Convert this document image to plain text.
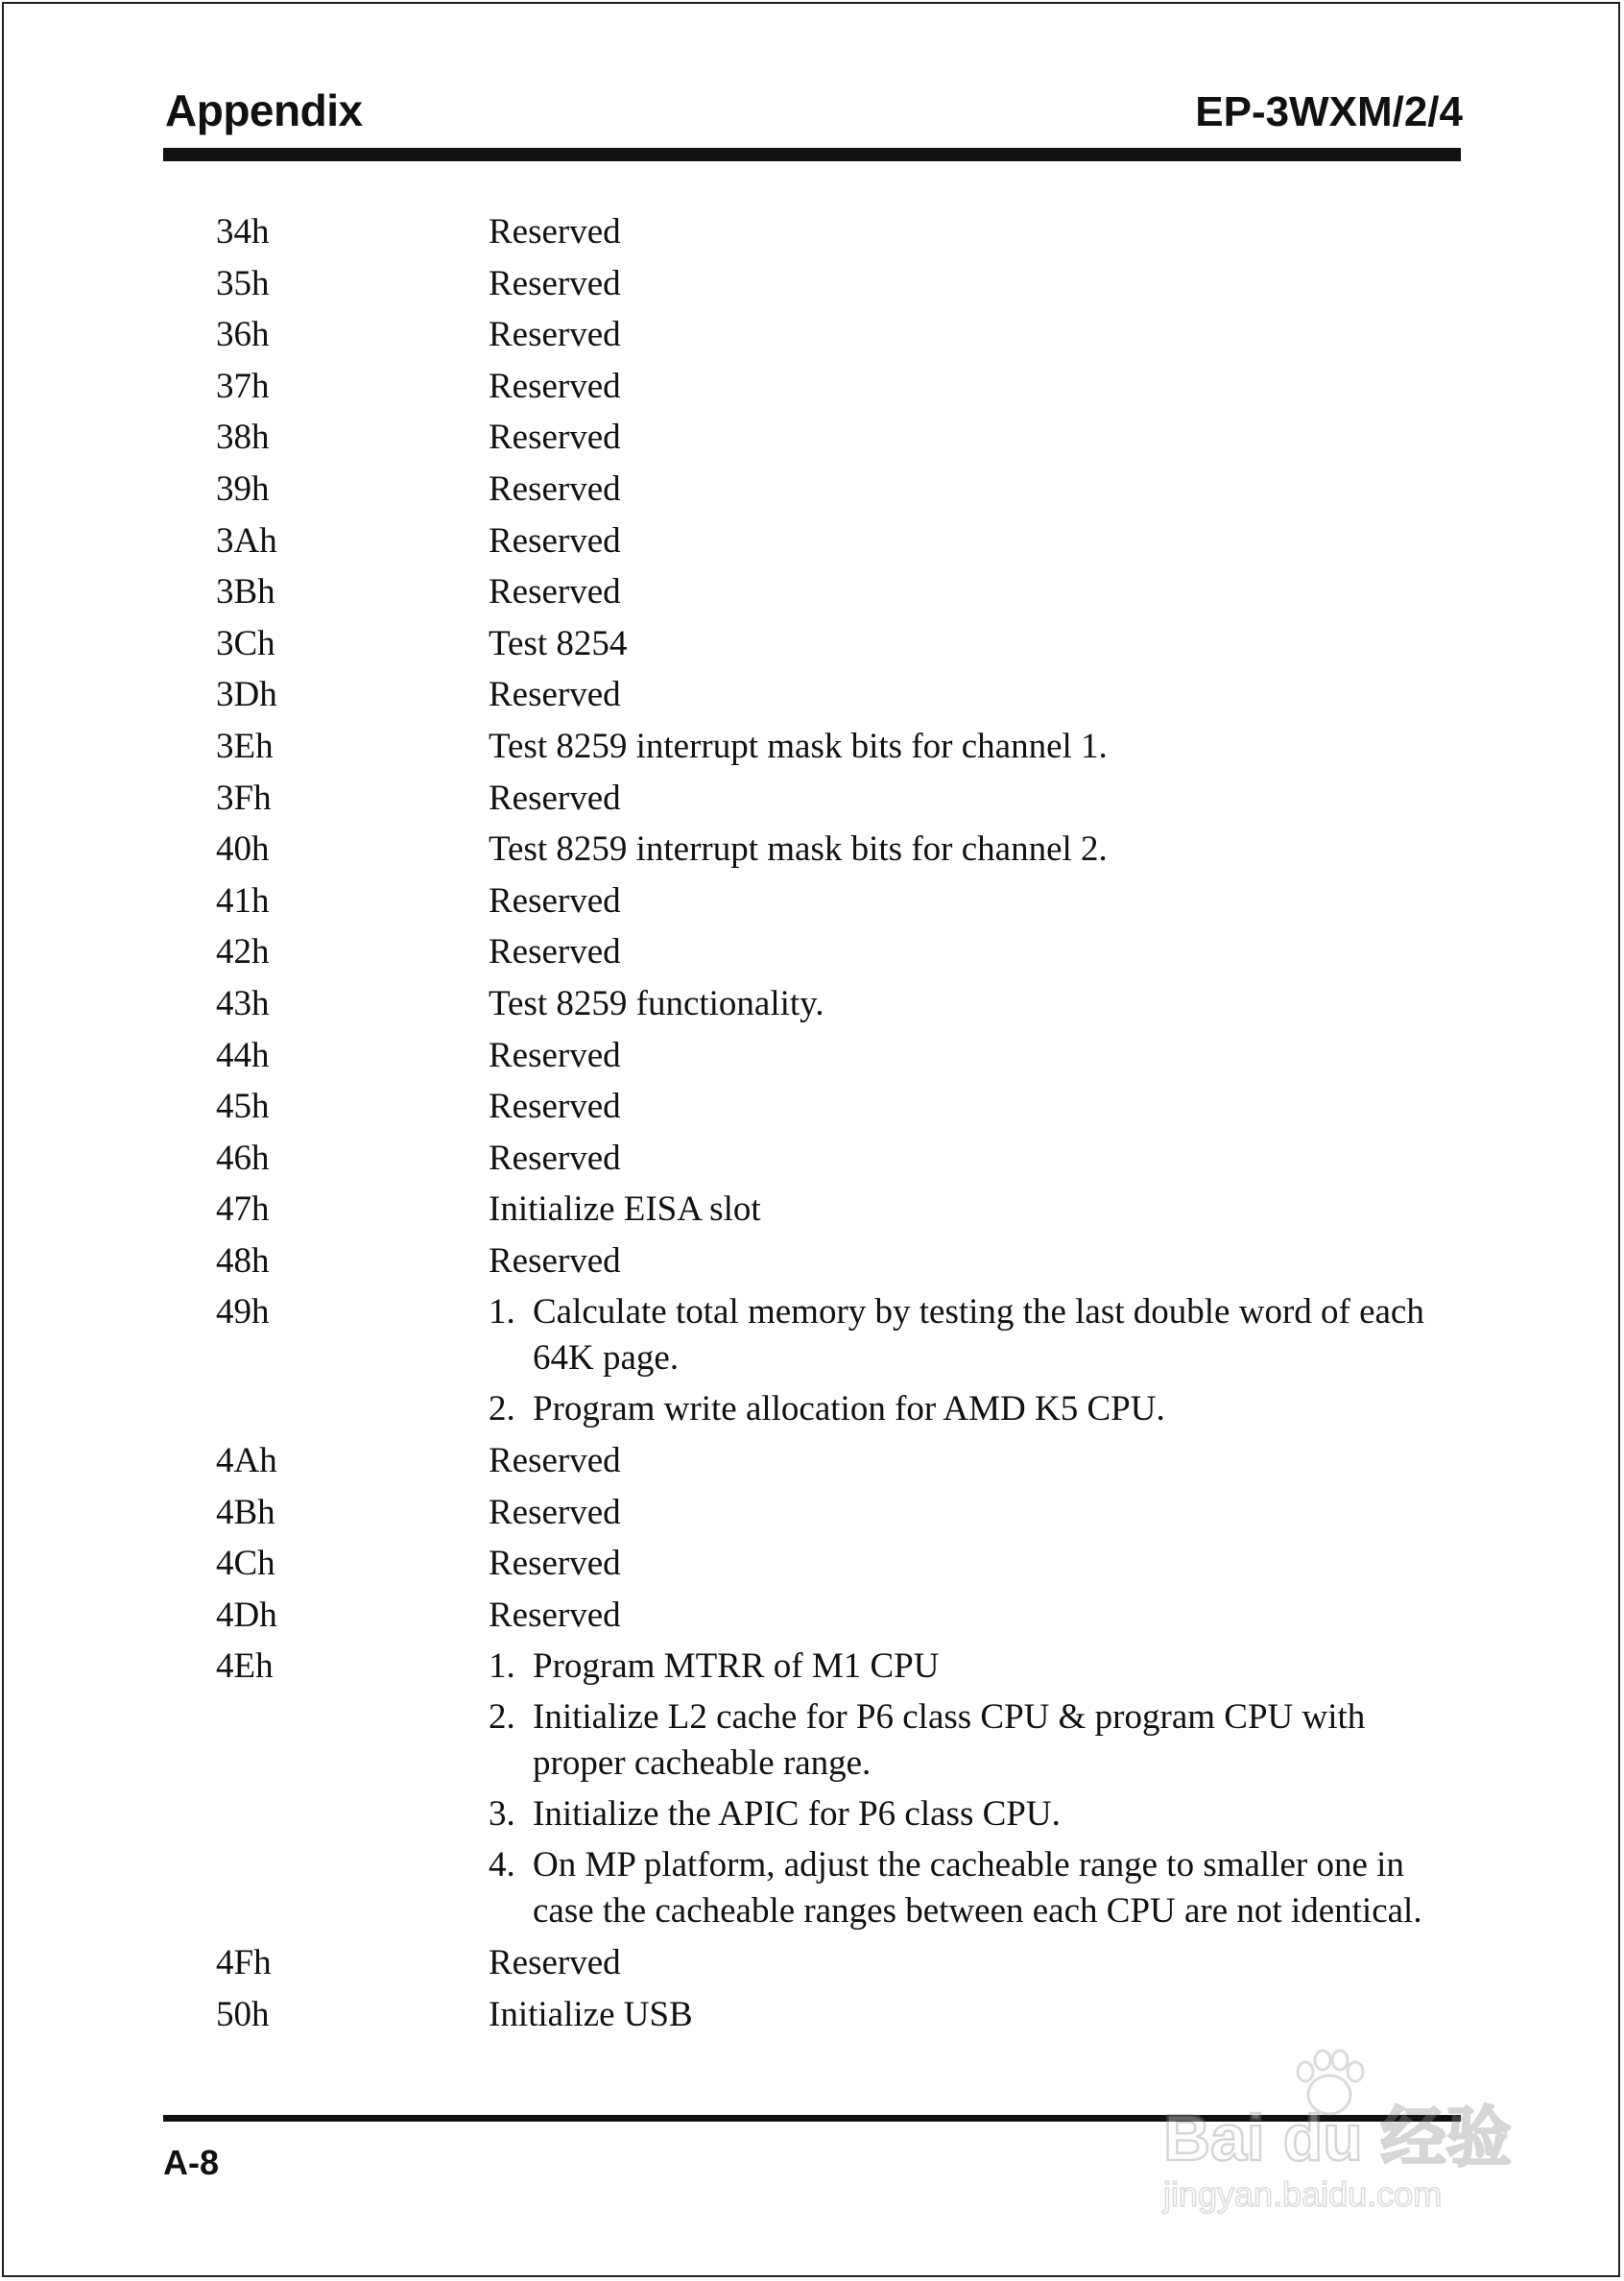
Appendix	EP-3WXM/2/4
34h	Reserved
35h	Reserved
36h	Reserved
37h	Reserved
38h	Reserved
39h	Reserved
3Ah	Reserved
3Bh	Reserved
3Ch	Test 8254
3Dh	Reserved
3Eh	Test 8259 interrupt mask bits for channel 1.
3Fh	Reserved
40h	Test 8259 interrupt mask bits for channel 2.
41h	Reserved
42h	Reserved
43h	Test 8259 functionality.
44h	Reserved
45h	Reserved
46h	Reserved
47h	Initialize EISA slot
48h	Reserved
49h	1. Calculate total memory by testing the last double word of each 64K page.
2. Program write allocation for AMD K5 CPU.
4Ah	Reserved
4Bh	Reserved
4Ch	Reserved
4Dh	Reserved
4Eh	1. Program MTRR of M1 CPU
2. Initialize L2 cache for P6 class CPU & program CPU with proper cacheable range.
3. Initialize the APIC for P6 class CPU.
4. On MP platform, adjust the cacheable range to smaller one in case the cacheable ranges between each CPU are not identical.
4Fh	Reserved
50h	Initialize USB
A-8	Bai du 经验
jingyan.baidu.com
